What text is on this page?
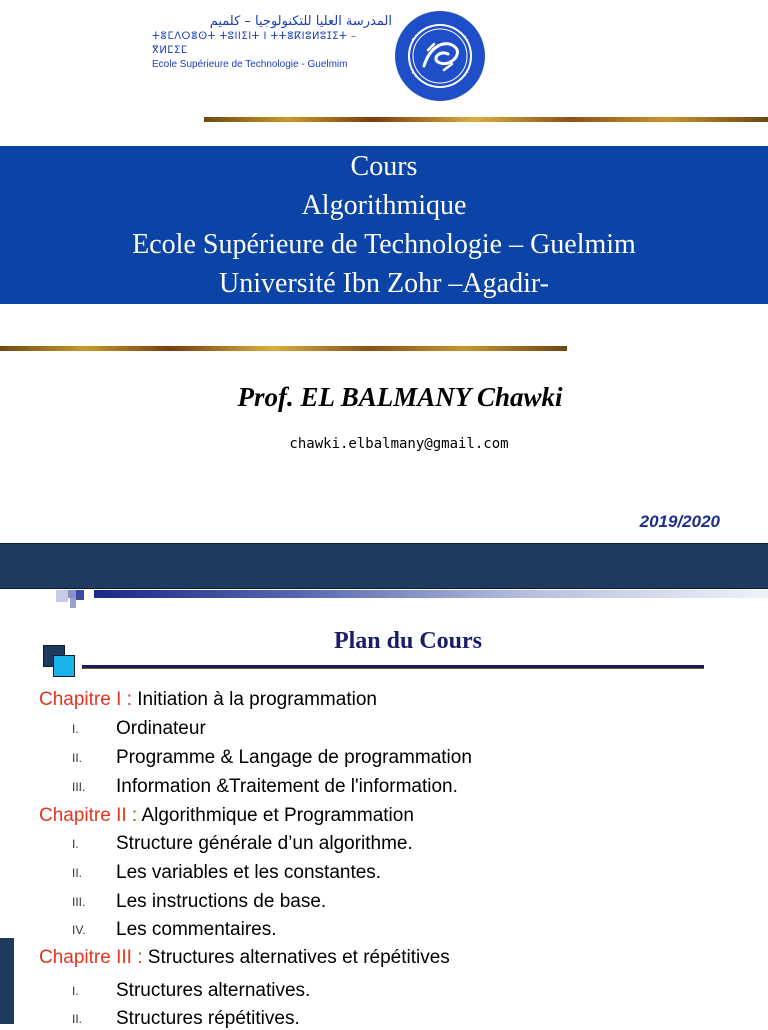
المدرسة العليا للتكنولوجيا – كلميم
ⵜⴻⵎⴷⵔⴻⵙⵜ ⵜⵓⵏⵏⵉⵏⵜ ⵏ ⵜⵜⴻⴽⵏⵓⵍⵓⵊⵉⵜ – ⴳⵍⵎⵉⵎ
Ecole Supérieure de Technologie - Guelmim
Cours
Algorithmique
Ecole Supérieure de Technologie – Guelmim
Université Ibn Zohr –Agadir-
Prof. EL BALMANY Chawki
chawki.elbalmany@gmail.com
2019/2020
Plan du Cours
Chapitre I : Initiation à la programmation
I. Ordinateur
II. Programme & Langage de programmation
III. Information &Traitement de l'information.
Chapitre II : Algorithmique et Programmation
I. Structure générale d’un algorithme.
II. Les variables et les constantes.
III. Les instructions de base.
IV. Les commentaires.
Chapitre III : Structures alternatives et répétitives
I. Structures alternatives.
II. Structures répétitives.
